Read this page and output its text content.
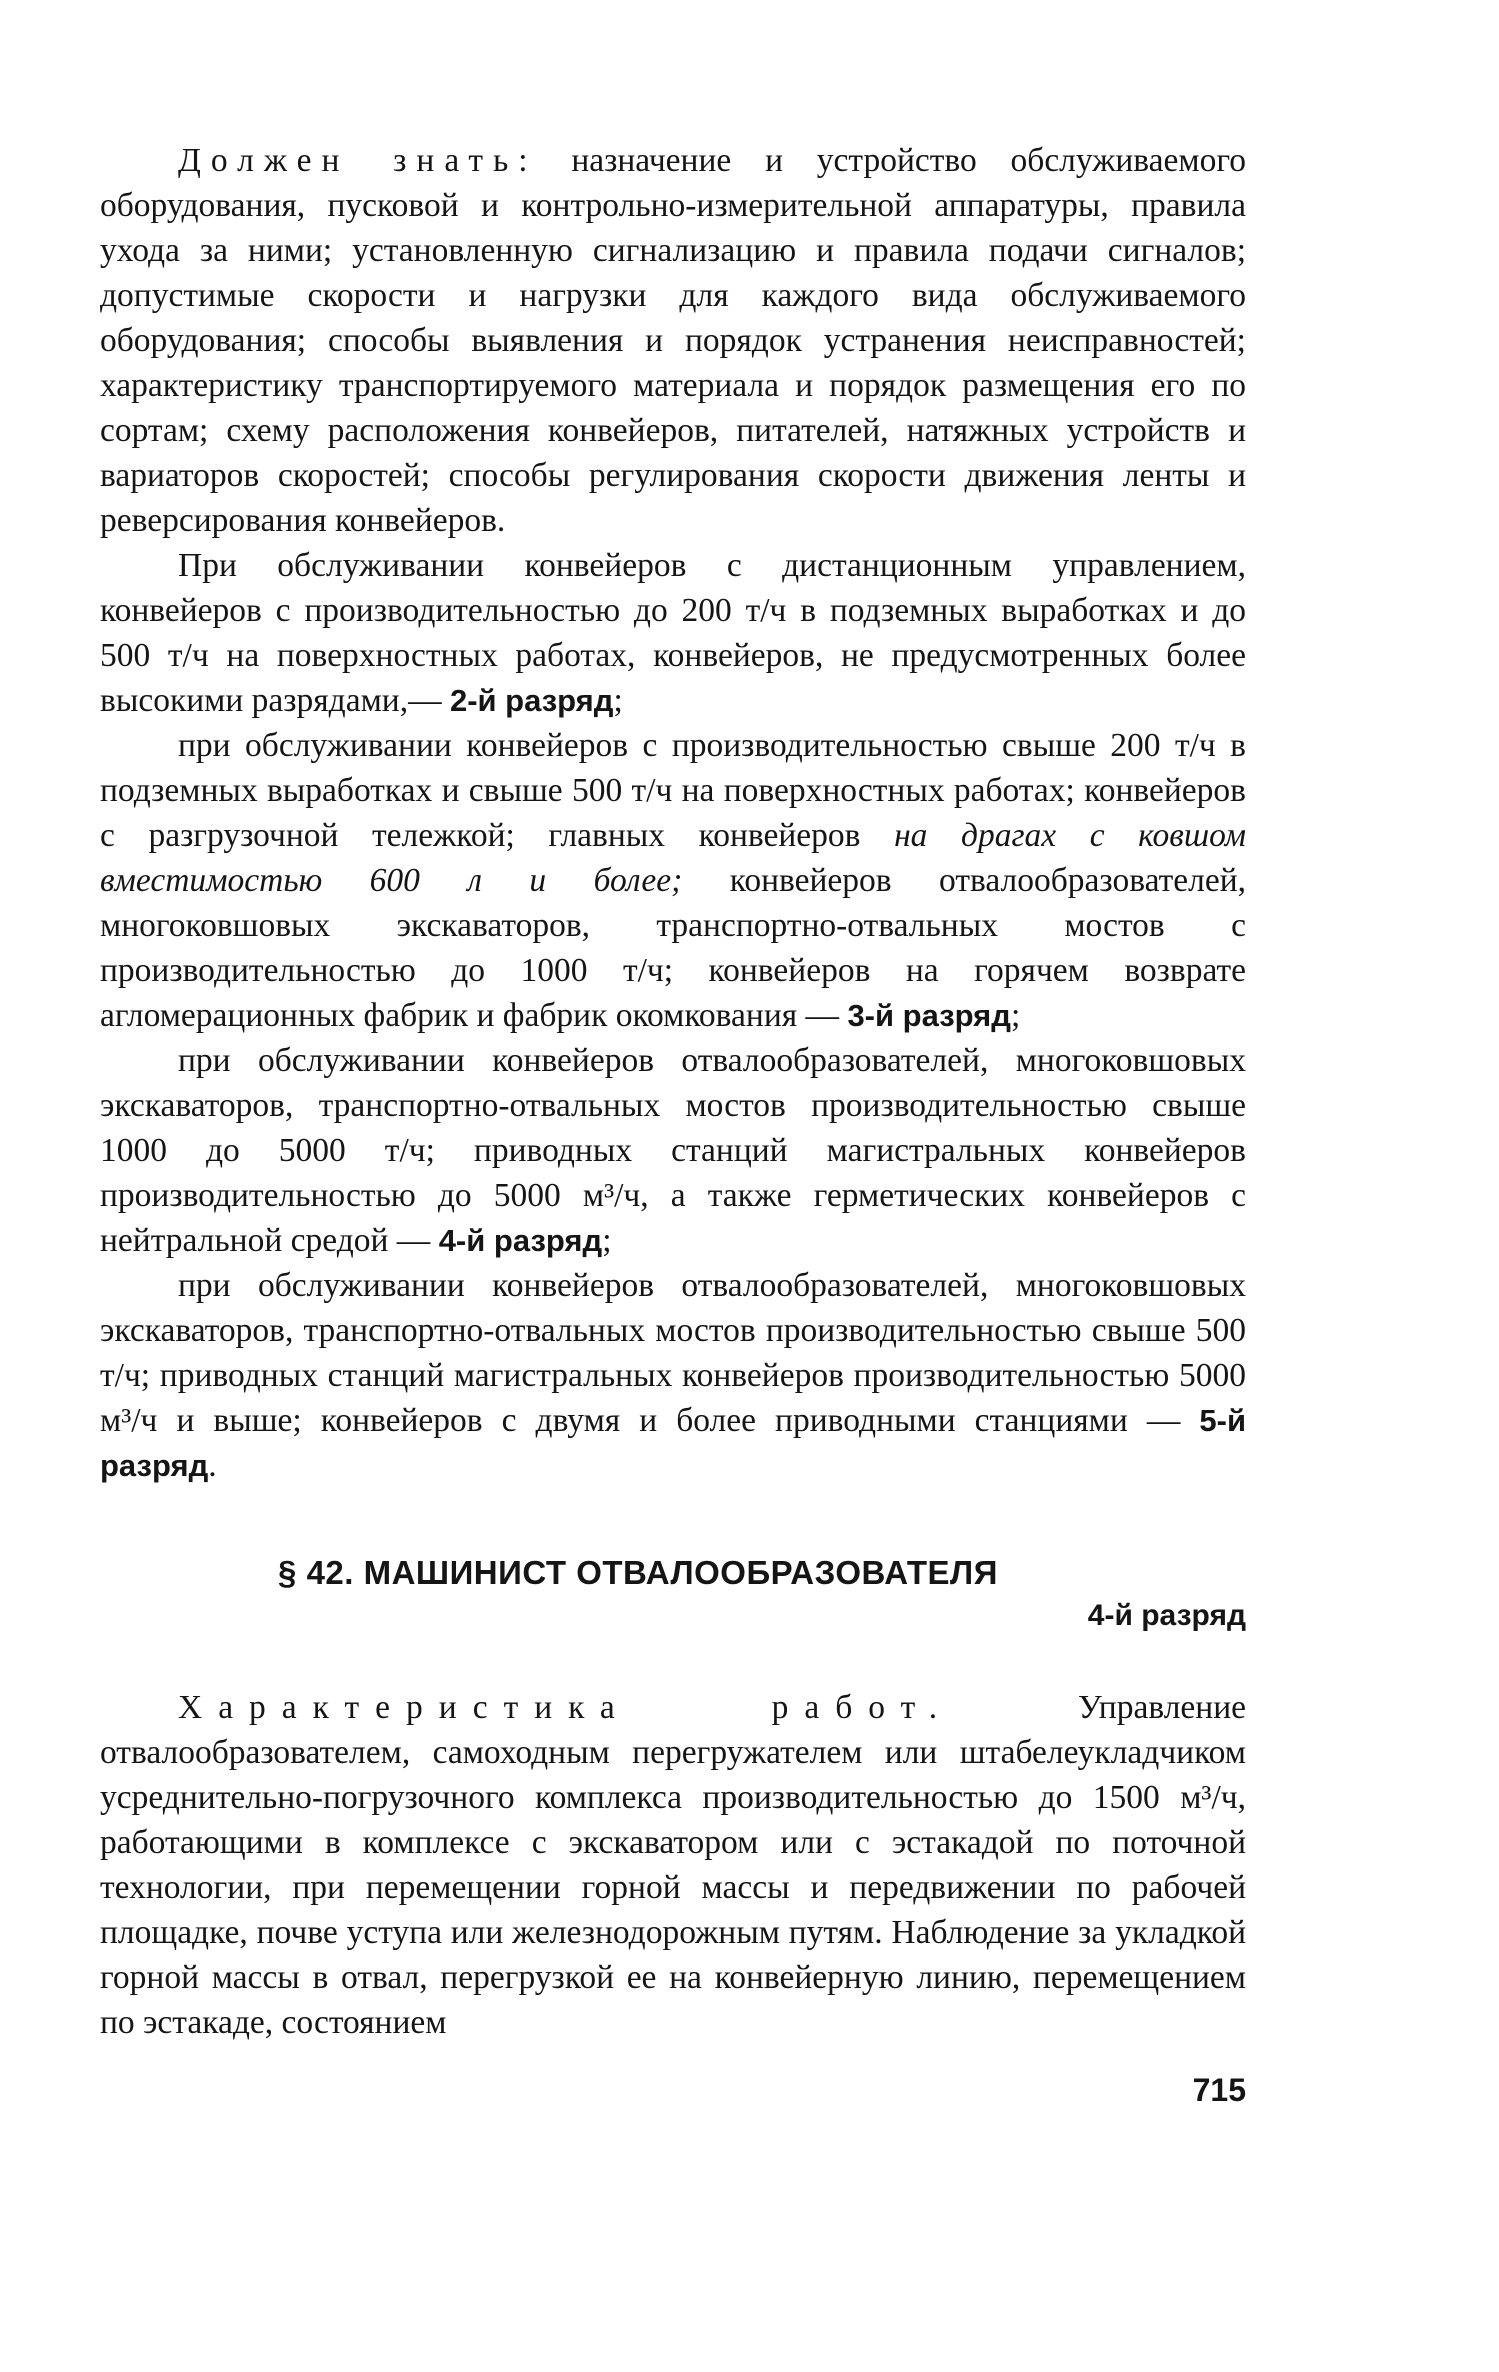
Должен знать: назначение и устройство обслуживаемого оборудования, пусковой и контрольно-измерительной аппаратуры, правила ухода за ними; установленную сигнализацию и правила подачи сигналов; допустимые скорости и нагрузки для каждого вида обслуживаемого оборудования; способы выявления и порядок устранения неисправностей; характеристику транспортируемого материала и порядок размещения его по сортам; схему расположения конвейеров, питателей, натяжных устройств и вариаторов скоростей; способы регулирования скорости движения ленты и реверсирования конвейеров.

При обслуживании конвейеров с дистанционным управлением, конвейеров с производительностью до 200 т/ч в подземных выработках и до 500 т/ч на поверхностных работах, конвейеров, не предусмотренных более высокими разрядами,— 2-й разряд;

при обслуживании конвейеров с производительностью свыше 200 т/ч в подземных выработках и свыше 500 т/ч на поверхностных работах; конвейеров с разгрузочной тележкой; главных конвейеров на драгах с ковшом вместимостью 600 л и более; конвейеров отвалообразователей, многоковшовых экскаваторов, транспортно-отвальных мостов с производительностью до 1000 т/ч; конвейеров на горячем возврате агломерационных фабрик и фабрик окомкования — 3-й разряд;

при обслуживании конвейеров отвалообразователей, многоковшовых экскаваторов, транспортно-отвальных мостов производительностью свыше 1000 до 5000 т/ч; приводных станций магистральных конвейеров производительностью до 5000 м³/ч, а также герметических конвейеров с нейтральной средой — 4-й разряд;

при обслуживании конвейеров отвалообразователей, многоковшовых экскаваторов, транспортно-отвальных мостов производительностью свыше 500 т/ч; приводных станций магистральных конвейеров производительностью 5000 м³/ч и выше; конвейеров с двумя и более приводными станциями — 5-й разряд.

§ 42. МАШИНИСТ ОТВАЛООБРАЗОВАТЕЛЯ
4-й разряд

Характеристика работ. Управление отвалообразователем, самоходным перегружателем или штабелеукладчиком усреднительно-погрузочного комплекса производительностью до 1500 м³/ч, работающими в комплексе с экскаватором или с эстакадой по поточной технологии, при перемещении горной массы и передвижении по рабочей площадке, почве уступа или железнодорожным путям. Наблюдение за укладкой горной массы в отвал, перегрузкой ее на конвейерную линию, перемещением по эстакаде, состоянием

715
